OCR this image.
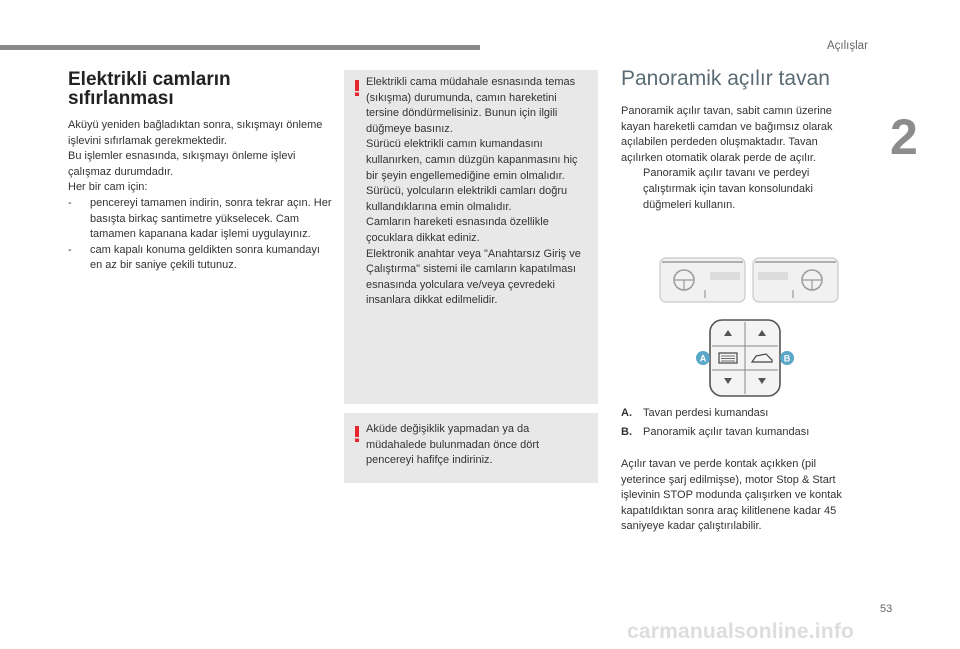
Açılışlar
2
Elektrikli camların sıfırlanması

Aküyü yeniden bağladıktan sonra, sıkışmayı önleme işlevini sıfırlamak gerekmektedir.

Bu işlemler esnasında, sıkışmayı önleme işlevi çalışmaz durumdadır.

Her bir cam için:

-	pencereyi tamamen indirin, sonra tekrar açın. Her basışta birkaç santimetre yükselecek. Cam tamamen kapanana kadar işlemi uygulayınız.
-	cam kapalı konuma geldikten sonra kumandayı en az bir saniye çekili tutunuz.

Elektrikli cama müdahale esnasında temas (sıkışma) durumunda, camın hareketini tersine döndürmelisiniz. Bunun için ilgili düğmeye basınız.

Sürücü elektrikli camın kumandasını kullanırken, camın düzgün kapanmasını hiç bir şeyin engellemediğine emin olmalıdır.

Sürücü, yolcuların elektrikli camları doğru kullandıklarına emin olmalıdır.

Camların hareketi esnasında özellikle çocuklara dikkat ediniz.

Elektronik anahtar veya "Anahtarsız Giriş ve Çalıştırma" sistemi ile camların kapatılması esnasında yolculara ve/veya çevredeki insanlara dikkat edilmelidir.

Aküde değişiklik yapmadan ya da müdahalede bulunmadan önce dört pencereyi hafifçe indiriniz.

Panoramik açılır tavan

Panoramik açılır tavan, sabit camın üzerine kayan hareketli camdan ve bağımsız olarak açılabilen perdeden oluşmaktadır. Tavan açılırken otomatik olarak perde de açılır.

Panoramik açılır tavanı ve perdeyi çalıştırmak için tavan konsolundaki düğmeleri kullanın.
A	B
A.	Tavan perdesi kumandası
B.	Panoramik açılır tavan kumandası
Açılır tavan ve perde kontak açıkken (pil yeterince şarj edilmişse), motor Stop & Start işlevinin STOP modunda çalışırken ve kontak kapatıldıktan sonra araç kilitlenene kadar 45 saniyeye kadar çalıştırılabilir.
53
carmanualsonline.info
